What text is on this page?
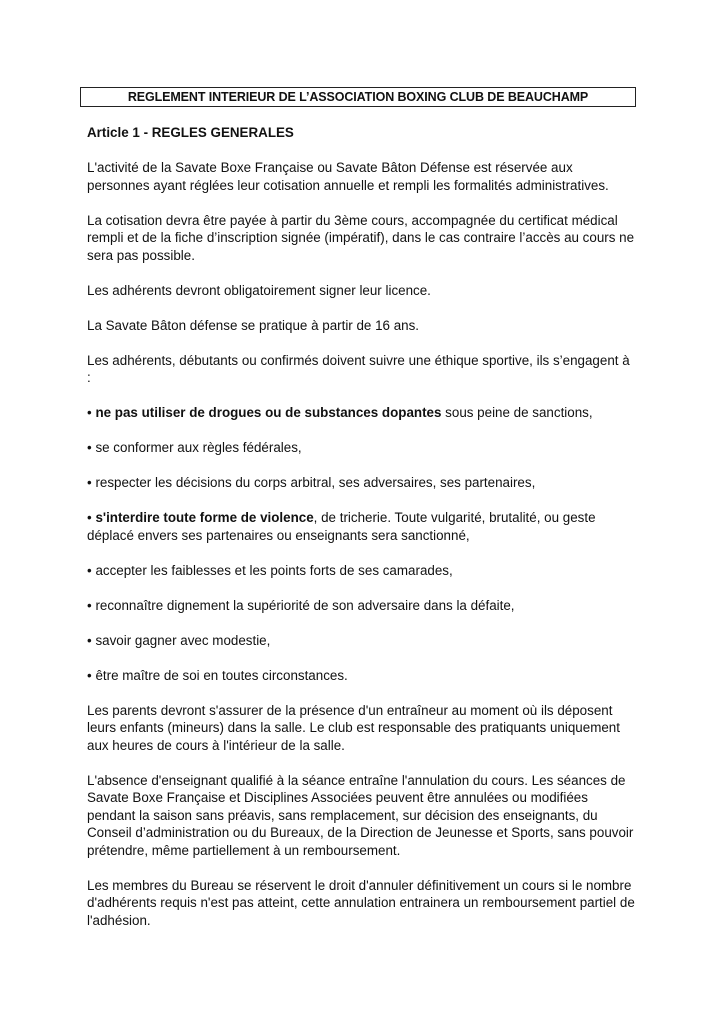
REGLEMENT INTERIEUR DE L’ASSOCIATION BOXING CLUB DE BEAUCHAMP

Article 1 - REGLES GENERALES

L'activité de la Savate Boxe Française ou Savate Bâton Défense est réservée aux personnes ayant réglées leur cotisation annuelle et rempli les formalités administratives.

La cotisation devra être payée à partir du 3ème cours, accompagnée du certificat médical rempli et de la fiche d’inscription signée (impératif), dans le cas contraire l’accès au cours ne sera pas possible.

Les adhérents devront obligatoirement signer leur licence.

La Savate Bâton défense se pratique à partir de 16 ans.

Les adhérents, débutants ou confirmés doivent suivre une éthique sportive, ils s’engagent à :

• ne pas utiliser de drogues ou de substances dopantes sous peine de sanctions,

• se conformer aux règles fédérales,

• respecter les décisions du corps arbitral, ses adversaires, ses partenaires,

• s'interdire toute forme de violence, de tricherie. Toute vulgarité, brutalité, ou geste déplacé envers ses partenaires ou enseignants sera sanctionné,

• accepter les faiblesses et les points forts de ses camarades,

• reconnaître dignement la supériorité de son adversaire dans la défaite,

• savoir gagner avec modestie,

• être maître de soi en toutes circonstances.

Les parents devront s'assurer de la présence d'un entraîneur au moment où ils déposent leurs enfants (mineurs) dans la salle. Le club est responsable des pratiquants uniquement aux heures de cours à l'intérieur de la salle.

L'absence d'enseignant qualifié à la séance entraîne l'annulation du cours. Les séances de Savate Boxe Française et Disciplines Associées peuvent être annulées ou modifiées pendant la saison sans préavis, sans remplacement, sur décision des enseignants, du Conseil d’administration ou du Bureaux, de la Direction de Jeunesse et Sports, sans pouvoir prétendre, même partiellement à un remboursement.

Les membres du Bureau se réservent le droit d'annuler définitivement un cours si le nombre d'adhérents requis n'est pas atteint, cette annulation entrainera un remboursement partiel de l'adhésion.
